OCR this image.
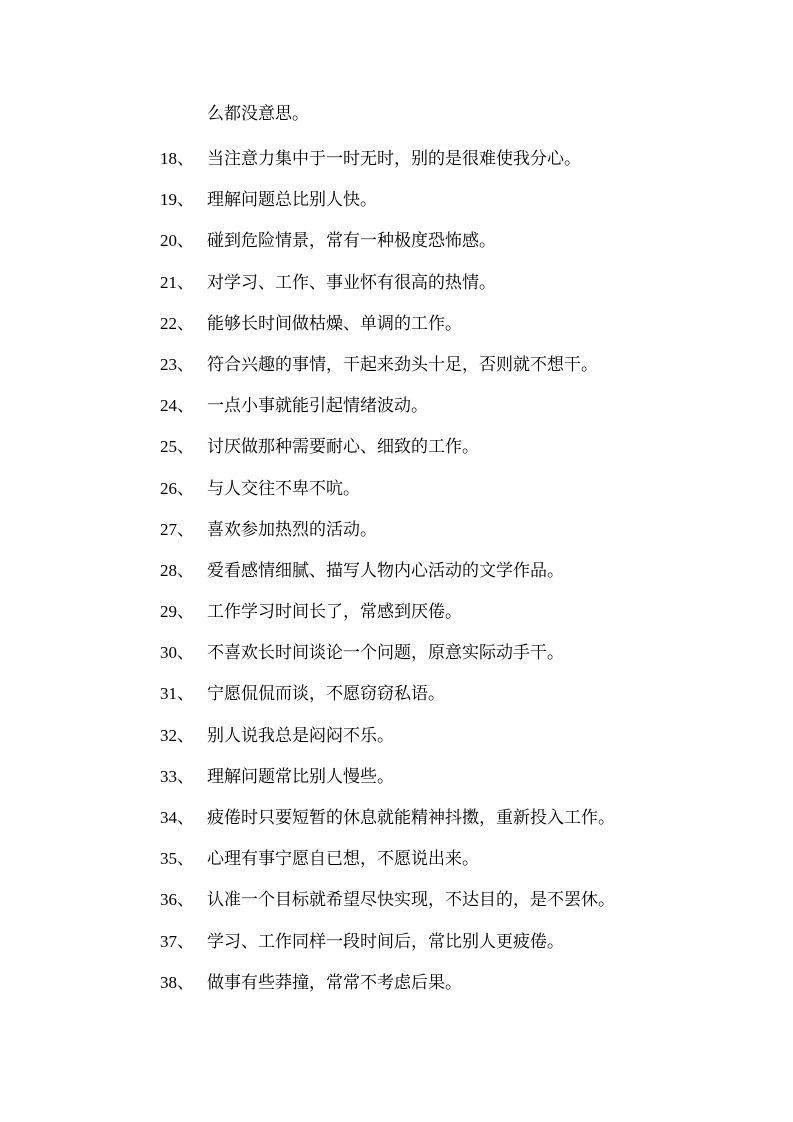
么都没意思。
18、 当注意力集中于一时无时，别的是很难使我分心。
19、 理解问题总比别人快。
20、 碰到危险情景，常有一种极度恐怖感。
21、 对学习、工作、事业怀有很高的热情。
22、 能够长时间做枯燥、单调的工作。
23、 符合兴趣的事情，干起来劲头十足，否则就不想干。
24、 一点小事就能引起情绪波动。
25、 讨厌做那种需要耐心、细致的工作。
26、 与人交往不卑不吭。
27、 喜欢参加热烈的活动。
28、 爱看感情细腻、描写人物内心活动的文学作品。
29、 工作学习时间长了，常感到厌倦。
30、 不喜欢长时间谈论一个问题，原意实际动手干。
31、 宁愿侃侃而谈，不愿窃窃私语。
32、 别人说我总是闷闷不乐。
33、 理解问题常比别人慢些。
34、 疲倦时只要短暂的休息就能精神抖擞，重新投入工作。
35、 心理有事宁愿自已想，不愿说出来。
36、 认准一个目标就希望尽快实现，不达目的，是不罢休。
37、 学习、工作同样一段时间后，常比别人更疲倦。
38、 做事有些莽撞，常常不考虑后果。
